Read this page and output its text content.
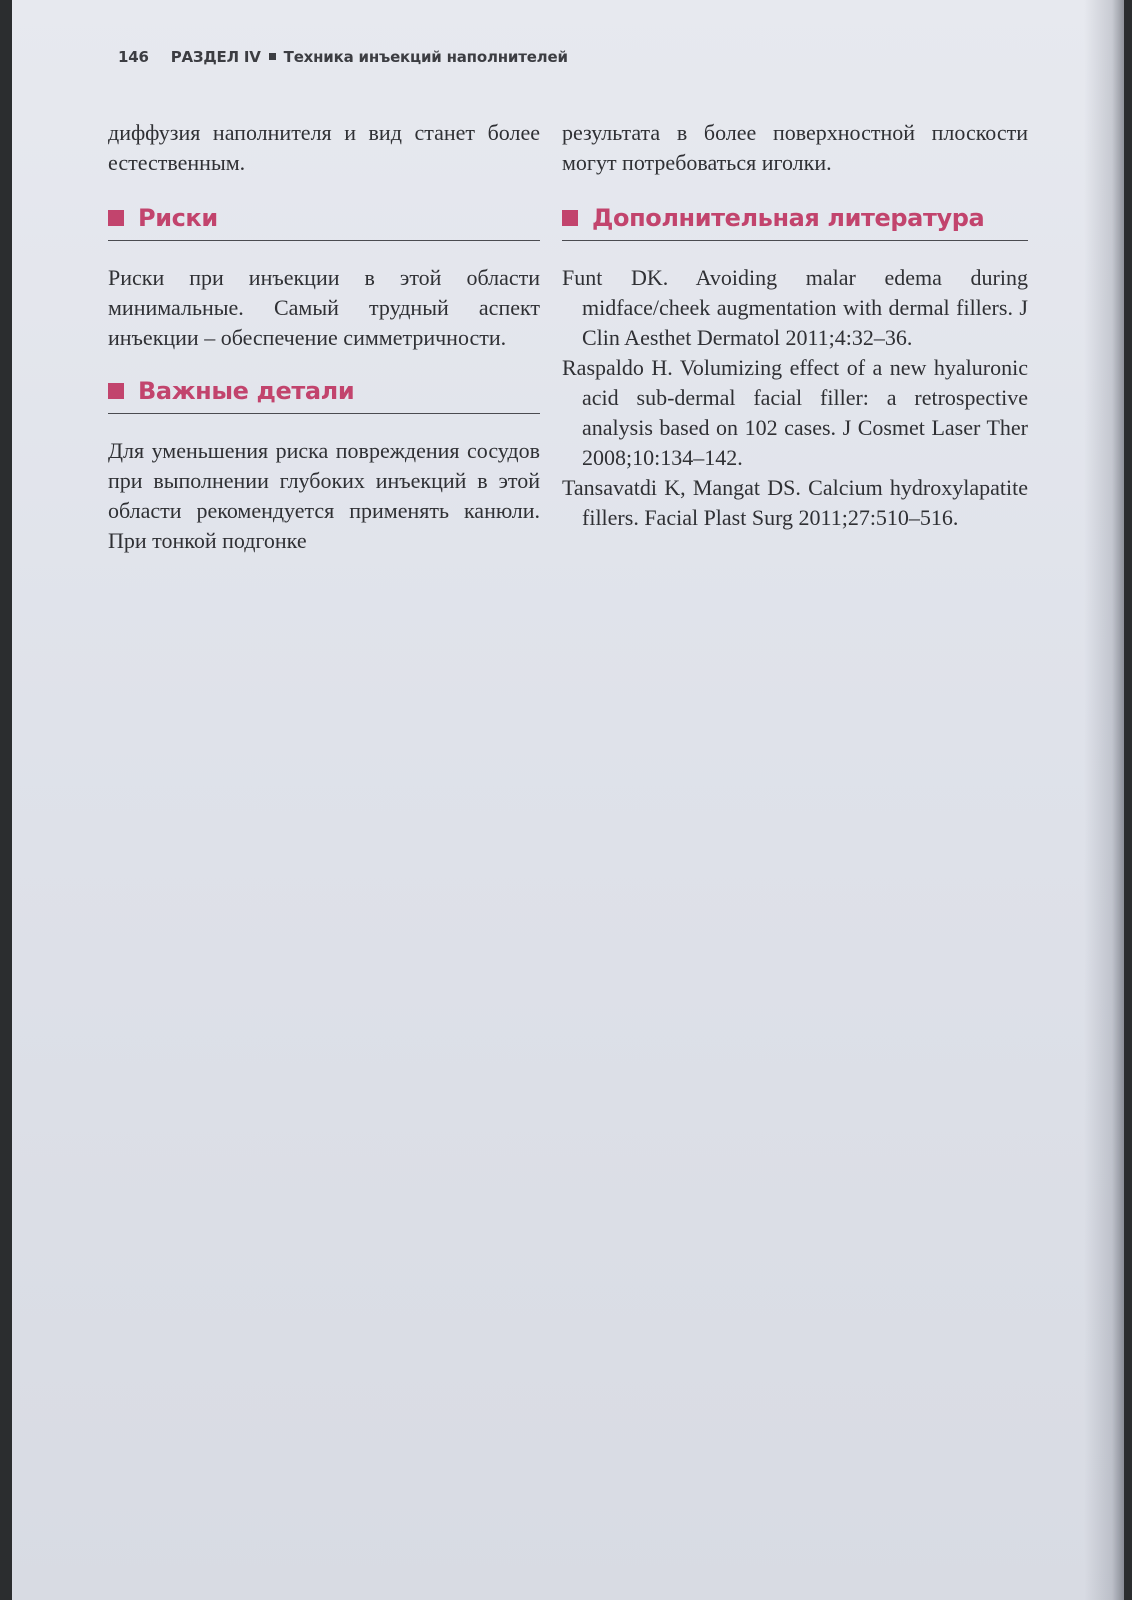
146 РАЗДЕЛ IV Техника инъекций наполнителей

диффузия наполнителя и вид станет более естественным.

Риски

Риски при инъекции в этой области минимальные. Самый трудный аспект инъекции – обеспечение симметричности.

Важные детали

Для уменьшения риска повреждения сосудов при выполнении глубоких инъекций в этой области рекомендуется применять канюли. При тонкой подгонке

результата в более поверхностной плоскости могут потребоваться иголки.

Дополнительная литература
Funt DK. Avoiding malar edema during midface/cheek augmentation with dermal fillers. J Clin Aesthet Dermatol 2011;4:32–36.
Raspaldo H. Volumizing effect of a new hyaluronic acid sub-dermal facial filler: a retrospective analysis based on 102 cases. J Cosmet Laser Ther 2008;10:134–142.
Tansavatdi K, Mangat DS. Calcium hydroxylapatite fillers. Facial Plast Surg 2011;27:510–516.
